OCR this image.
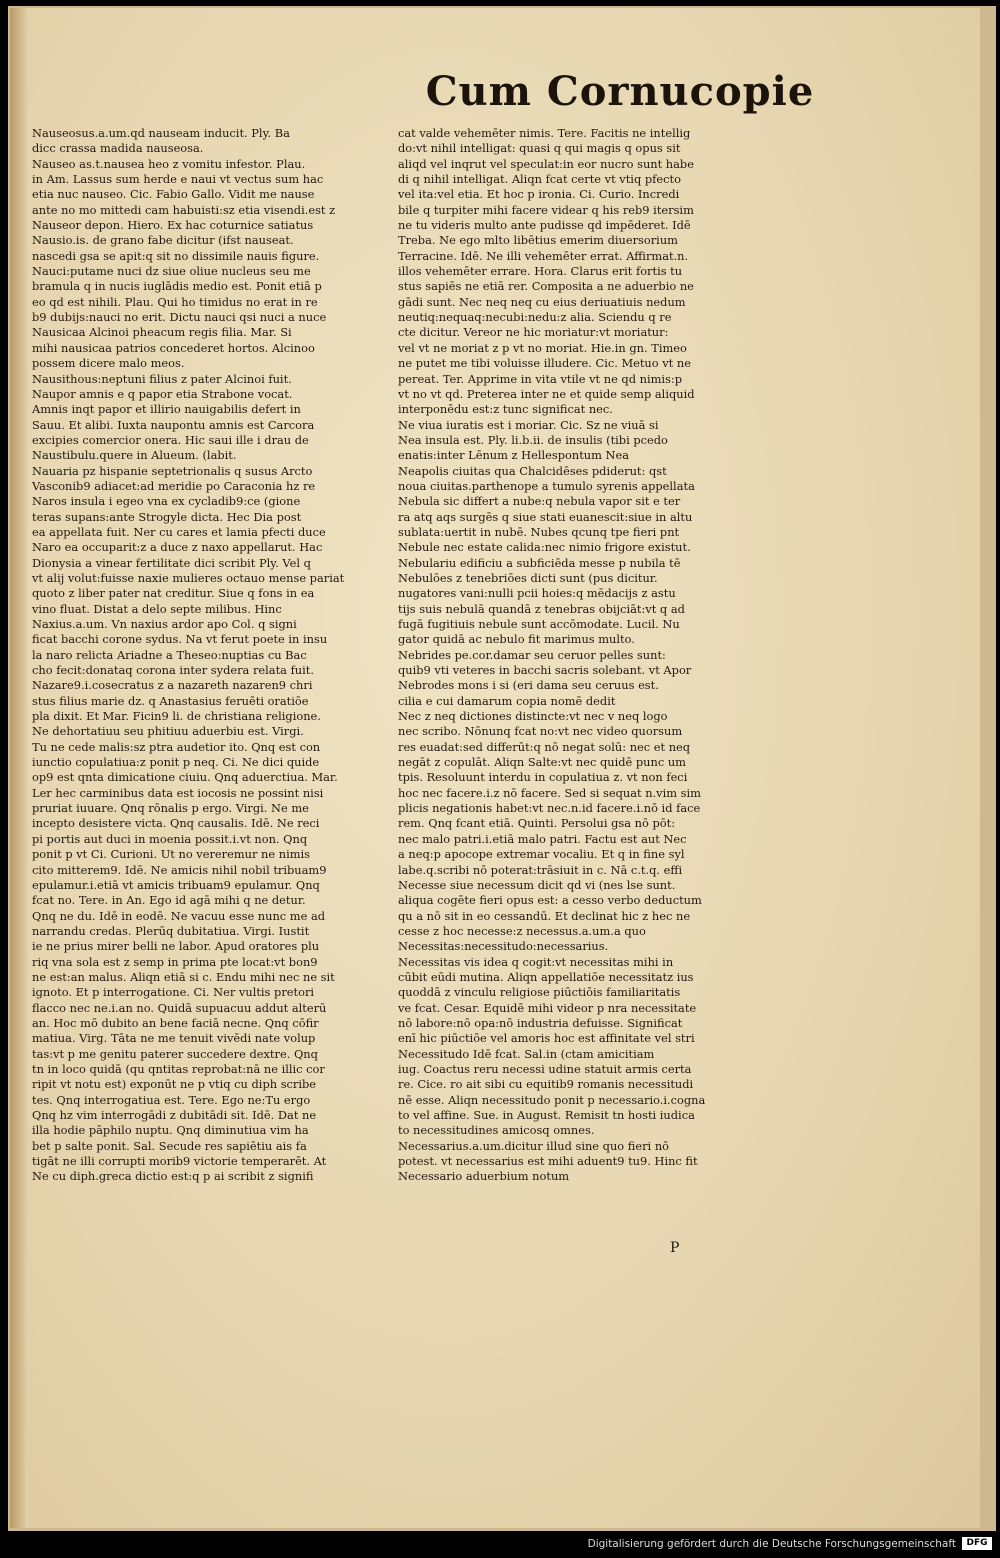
Cum Cornucopie
Nauseosus.a.um.qd nauseam inducit. Ply. Ba
dicc crassa madida nauseosa.
Nauseo as.t.nausea heo z vomitu infestor. Plau.
in Am. Lassus sum herde e naui vt vectus sum hac
etia nuc nauseo. Cic. Fabio Gallo. Vidit me nause
ante no mo mittedi cam habuisti:sz etia visendi.est z
Nauseor depon. Hiero. Ex hac coturnice satiatus
Nausio.is. de grano fabe dicitur (ifst nauseat.
nascedi gsa se apit:q sit no dissimile nauis figure.
Nauci:putame nuci dz siue oliue nucleus seu me
bramula q in nucis iuglādis medio est. Ponit etiā p
eo qd est nihili. Plau. Qui ho timidus no erat in re
b9 dubijs:nauci no erit. Dictu nauci qsi nuci a nuce
Nausicaa Alcinoi pheacum regis filia. Mar. Si
mihi nausicaa patrios concederet hortos. Alcinoo
possem dicere malo meos.
Nausithous:neptuni filius z pater Alcinoi fuit.
Naupor amnis e q papor etia Strabone vocat.
Amnis inqt papor et illirio nauigabilis defert in
Sauu. Et alibi. Iuxta naupontu amnis est Carcora
excipies comercior onera. Hic saui ille i drau de
Naustibulu.quere in Alueum. (labit.
Nauaria pz hispanie septetrionalis q susus Arcto
Vasconib9 adiacet:ad meridie po Caraconia hz re
Naros insula i egeo vna ex cycladib9:ce (gione
teras supans:ante Strogyle dicta. Hec Dia post
ea appellata fuit. Ner cu cares et lamia pfecti duce
Naro ea occuparit:z a duce z naxo appellarut. Hac
Dionysia a vinear fertilitate dici scribit Ply. Vel q
vt alij volut:fuisse naxie mulieres octauo mense pariat
quoto z liber pater nat creditur. Siue q fons in ea
vino fluat. Distat a delo septe milibus. Hinc
Naxius.a.um. Vn naxius ardor apo Col. q signi
ficat bacchi corone sydus. Na vt ferut poete in insu
la naro relicta Ariadne a Theseo:nuptias cu Bac
cho fecit:donataq corona inter sydera relata fuit.
Nazare9.i.cosecratus z a nazareth nazaren9 chri
stus filius marie dz. q Anastasius feruēti oratiōe
pla dixit. Et Mar. Ficin9 li. de christiana religione.
Ne dehortatiuu seu phitiuu aduerbiu est. Virgi.
Tu ne cede malis:sz ptra audetior ito. Qnq est con
iunctio copulatiua:z ponit p neq. Ci. Ne dici quide
op9 est qnta dimicatione ciuiu. Qnq aduerctiua. Mar.
Ler hec carminibus data est iocosis ne possint nisi
pruriat iuuare. Qnq rōnalis p ergo. Virgi. Ne me
incepto desistere victa. Qnq causalis. Idē. Ne reci
pi portis aut duci in moenia possit.i.vt non. Qnq
ponit p vt Ci. Curioni. Ut no vereremur ne nimis
cito mitterem9. Idē. Ne amicis nihil nobil tribuam9
epulamur.i.etiā vt amicis tribuam9 epulamur. Qnq
fcat no. Tere. in An. Ego id agā mihi q ne detur.
Qnq ne du. Idē in eodē. Ne vacuu esse nunc me ad
narrandu credas. Plerūq dubitatiua. Virgi. Iustit
ie ne prius mirer belli ne labor. Apud oratores plu
riq vna sola est z semp in prima pte locat:vt bon9
ne est:an malus. Aliqn etiā si c. Endu mihi nec ne sit
ignoto. Et p interrogatione. Ci. Ner vultis pretori
flacco nec ne.i.an no. Quidā supuacuu addut alterū
an. Hoc mō dubito an bene faciā necne. Qnq cōfir
matiua. Virg. Tāta ne me tenuit vivēdi nate volup
tas:vt p me genitu paterer succedere dextre. Qnq
tn in loco quidā (qu qntitas reprobat:nā ne illic cor
ripit vt notu est) exponūt ne p vtiq cu diph scribe
tes. Qnq interrogatiua est. Tere. Ego ne:Tu ergo
Qnq hz vim interrogādi z dubitādi sit. Idē. Dat ne
illa hodie pāphilo nuptu. Qnq diminutiua vim ha
bet p salte ponit. Sal. Secude res sapiētiu ais fa
tigāt ne illi corrupti morib9 victorie temperarēt. At
Ne cu diph.greca dictio est:q p ai scribit z signifi
cat valde vehemēter nimis. Tere. Facitis ne intellig
do:vt nihil intelligat: quasi q qui magis q opus sit
aliqd vel inqrut vel speculat:in eor nucro sunt habe
di q nihil intelligat. Aliqn fcat certe vt vtiq pfecto
vel ita:vel etia. Et hoc p ironia. Ci. Curio. Incredi
bile q turpiter mihi facere videar q his reb9 itersim
ne tu videris multo ante pudisse qd impēderet. Idē
Treba. Ne ego mlto libētius emerim diuersorium
Terracine. Idē. Ne illi vehemēter errat. Affirmat.n.
illos vehemēter errare. Hora. Clarus erit fortis tu
stus sapiēs ne etiā rer. Composita a ne aduerbio ne
gādi sunt. Nec neq neq cu eius deriuatiuis nedum
neutiq:nequaq:necubi:nedu:z alia. Sciendu q re
cte dicitur. Vereor ne hic moriatur:vt moriatur:
vel vt ne moriat z p vt no moriat. Hie.in gn. Timeo
ne putet me tibi voluisse illudere. Cic. Metuo vt ne
pereat. Ter. Apprime in vita vtile vt ne qd nimis:p
vt no vt qd. Preterea inter ne et quide semp aliquid
interponēdu est:z tunc significat nec.
Ne viua iuratis est i moriar. Cic. Sz ne viuā si
Nea insula est. Ply. li.b.ii. de insulis (tibi pcedo
enatis:inter Lēnum z Hellespontum Nea
Neapolis ciuitas qua Chalcidēses pdiderut: qst
noua ciuitas.parthenope a tumulo syrenis appellata
Nebula sic differt a nube:q nebula vapor sit e ter
ra atq aqs surgēs q siue stati euanescit:siue in altu
sublata:uertit in nubē. Nubes qcunq tpe fieri pnt
Nebule nec estate calida:nec nimio frigore existut.
Nebulariu edificiu a subficiēda messe p nubila tē
Nebulōes z tenebriōes dicti sunt (pus dicitur.
nugatores vani:nulli pcii hoies:q mēdacijs z astu
tijs suis nebulā quandā z tenebras obijciāt:vt q ad
fugā fugitiuis nebule sunt accōmodate. Lucil. Nu
gator quidā ac nebulo fit marimus multo.
Nebrides pe.cor.damar seu ceruor pelles sunt:
quib9 vti veteres in bacchi sacris solebant. vt Apor
Nebrodes mons i si (eri dama seu ceruus est.
cilia e cui damarum copia nomē dedit
Nec z neq dictiones distincte:vt nec v neq logo
nec scribo. Nōnunq fcat no:vt nec video quorsum
res euadat:sed differūt:q nō negat solū: nec et neq
negāt z copulāt. Aliqn Salte:vt nec quidē punc um
tpis. Resoluunt interdu in copulatiua z. vt non feci
hoc nec facere.i.z nō facere. Sed si sequat n.vim sim
plicis negationis habet:vt nec.n.id facere.i.nō id face
rem. Qnq fcant etiā. Quinti. Persolui gsa nō pōt:
nec malo patri.i.etiā malo patri. Factu est aut Nec
a neq:p apocope extremar vocaliu. Et q in fine syl
labe.q.scribi nō poterat:trāsiuit in c. Nā c.t.q. effi
Necesse siue necessum dicit qd vi (nes lse sunt.
aliqua cogēte fieri opus est: a cesso verbo deductum
qu a nō sit in eo cessandū. Et declinat hic z hec ne
cesse z hoc necesse:z necessus.a.um.a quo
Necessitas:necessitudo:necessarius.
Necessitas vis idea q cogit:vt necessitas mihi in
cūbit eūdi mutina. Aliqn appellatiōe necessitatz ius
quoddā z vinculu religiose piūctiōis familiaritatis
ve fcat. Cesar. Equidē mihi videor p nra necessitate
nō labore:nō opa:nō industria defuisse. Significat
enī hic piūctiōe vel amoris hoc est affinitate vel stri
Necessitudo Idē fcat. Sal.in (ctam amicitiam
iug. Coactus reru necessi udine statuit armis certa
re. Cice. ro ait sibi cu equitib9 romanis necessitudi
nē esse. Aliqn necessitudo ponit p necessario.i.cogna
to vel affine. Sue. in August. Remisit tn hosti iudica
to necessitudines amicosq omnes.
Necessarius.a.um.dicitur illud sine quo fieri nō
potest. vt necessarius est mihi aduent9 tu9. Hinc fit
Necessario aduerbium notum
P
Digitalisierung gefördert durch die Deutsche Forschungsgemeinschaft	DFG
